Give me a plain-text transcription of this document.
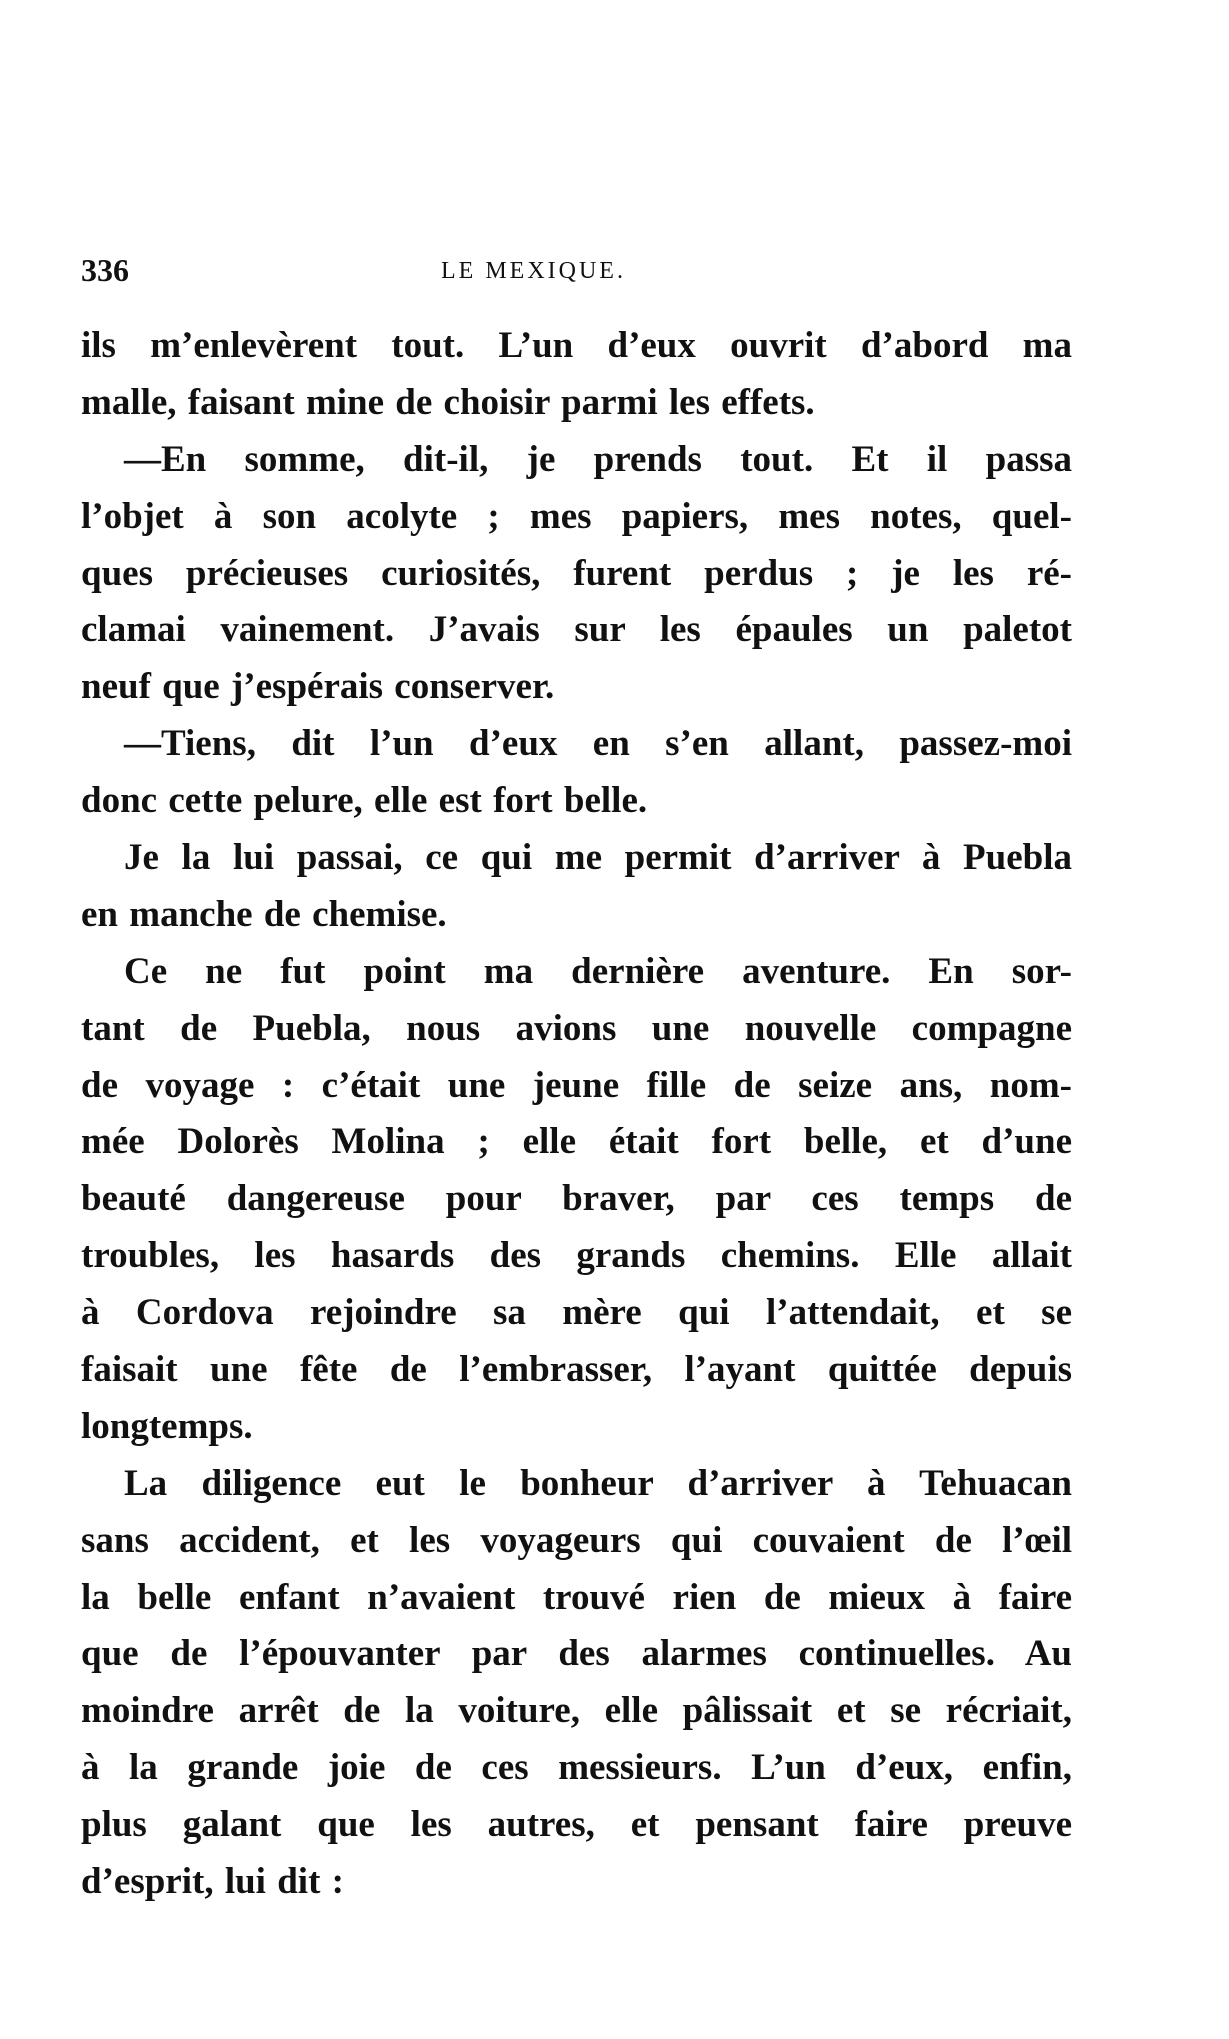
336	LE MEXIQUE.
ils m’enlevèrent tout. L’un d’eux ouvrit d’abord ma
malle, faisant mine de choisir parmi les effets.
—En somme, dit-il, je prends tout. Et il passa
l’objet à son acolyte ; mes papiers, mes notes, quel-
ques précieuses curiosités, furent perdus ; je les ré-
clamai vainement. J’avais sur les épaules un paletot
neuf que j’espérais conserver.
—Tiens, dit l’un d’eux en s’en allant, passez-moi
donc cette pelure, elle est fort belle.
Je la lui passai, ce qui me permit d’arriver à Puebla
en manche de chemise.
Ce ne fut point ma dernière aventure. En sor-
tant de Puebla, nous avions une nouvelle compagne
de voyage : c’était une jeune fille de seize ans, nom-
mée Dolorès Molina ; elle était fort belle, et d’une
beauté dangereuse pour braver, par ces temps de
troubles, les hasards des grands chemins. Elle allait
à Cordova rejoindre sa mère qui l’attendait, et se
faisait une fête de l’embrasser, l’ayant quittée depuis
longtemps.
La diligence eut le bonheur d’arriver à Tehuacan
sans accident, et les voyageurs qui couvaient de l’œil
la belle enfant n’avaient trouvé rien de mieux à faire
que de l’épouvanter par des alarmes continuelles. Au
moindre arrêt de la voiture, elle pâlissait et se récriait,
à la grande joie de ces messieurs. L’un d’eux, enfin,
plus galant que les autres, et pensant faire preuve
d’esprit, lui dit :
